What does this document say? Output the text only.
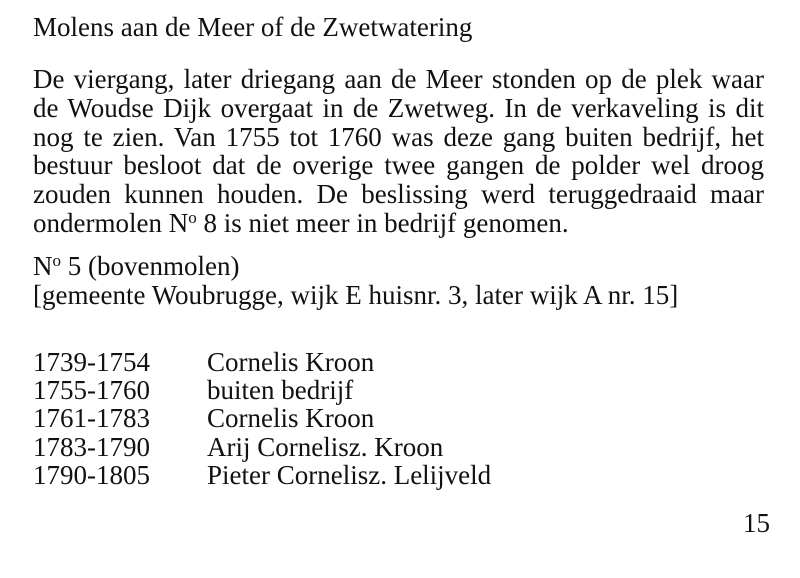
Molens aan de Meer of de Zwetwatering
De viergang, later driegang aan de Meer stonden op de plek waar
de Woudse Dijk overgaat in de Zwetweg. In de verkaveling is dit
nog te zien. Van 1755 tot 1760 was deze gang buiten bedrijf, het
bestuur besloot dat de overige twee gangen de polder wel droog
zouden kunnen houden. De beslissing werd teruggedraaid maar
ondermolen $N^o$ 8 is niet meer in bedrijf genomen.
$N^o$ 5 (bovenmolen)
[gemeente Woubrugge, wijk E huisnr. 3, later wijk A nr. 15]
1739-1754	Cornelis Kroon
1755-1760	buiten bedrijf
1761-1783	Cornelis Kroon
1783-1790	Arij Cornelisz. Kroon
1790-1805	Pieter Cornelisz. Lelijveld
15
